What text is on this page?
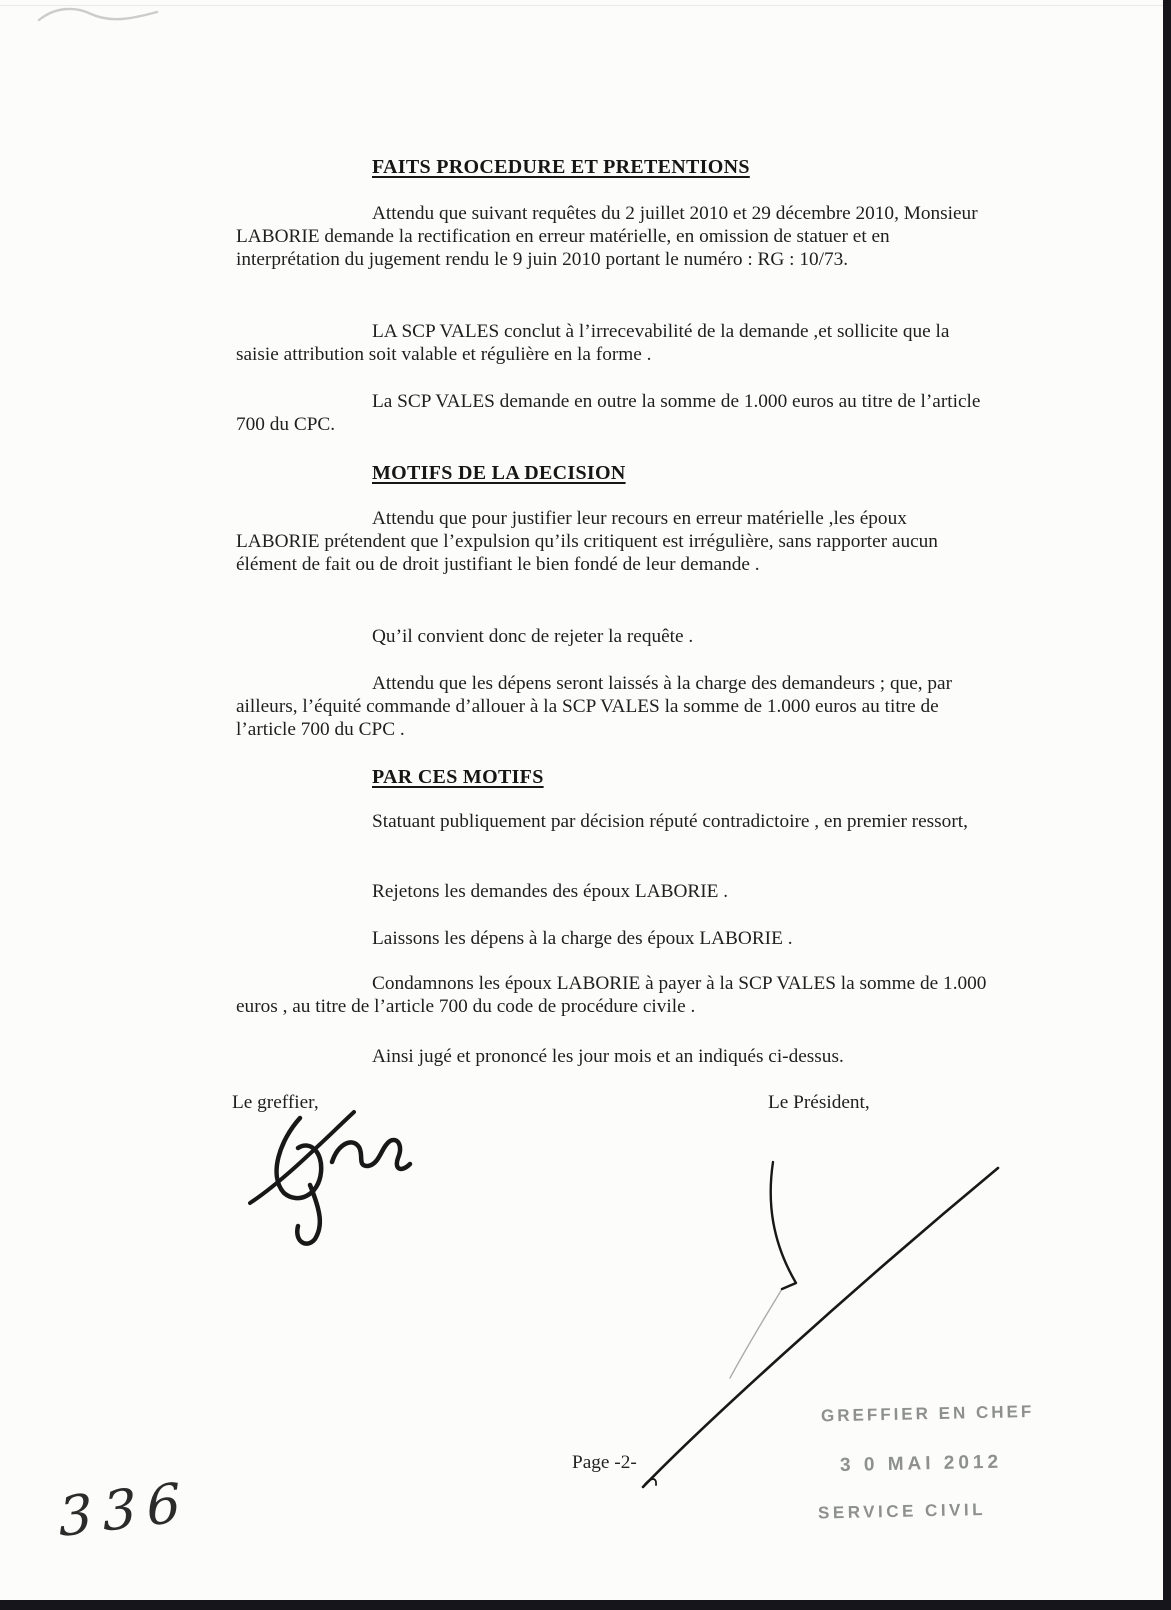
FAITS PROCEDURE ET PRETENTIONS
MOTIFS DE LA DECISION
PAR CES MOTIFS
Attendu que suivant requêtes du 2 juillet 2010 et 29 décembre 2010, Monsieur LABORIE demande la rectification en erreur matérielle, en omission de statuer et en interprétation du jugement rendu le 9 juin 2010 portant le numéro : RG : 10/73.
LA SCP VALES conclut à l’irrecevabilité de la demande ,et sollicite que la saisie attribution soit valable et régulière en la forme .
La SCP VALES demande en outre la somme de 1.000 euros au titre de l’article 700 du CPC.
Attendu que pour justifier leur recours en erreur matérielle ,les époux LABORIE prétendent que l’expulsion qu’ils critiquent est irrégulière, sans rapporter aucun élément de fait ou de droit justifiant le bien fondé de leur demande .
Qu’il convient donc de rejeter la requête .
Attendu que les dépens seront laissés à la charge des demandeurs ; que, par ailleurs, l’équité commande d’allouer à la SCP VALES la somme de 1.000 euros au titre de l’article 700 du CPC .
Statuant publiquement par décision réputé contradictoire , en premier ressort,
Rejetons les demandes des époux LABORIE .
Laissons les dépens à la charge des époux LABORIE .
Condamnons les époux LABORIE à payer à la SCP VALES la somme de 1.000 euros , au titre de l’article 700 du code de procédure civile .
Ainsi jugé et prononcé les jour mois et an indiqués ci-dessus.
Le greffier,	Le Président,
Page -2-
GREFFIER EN CHEF
3 0 MAI 2012
SERVICE CIVIL
336
